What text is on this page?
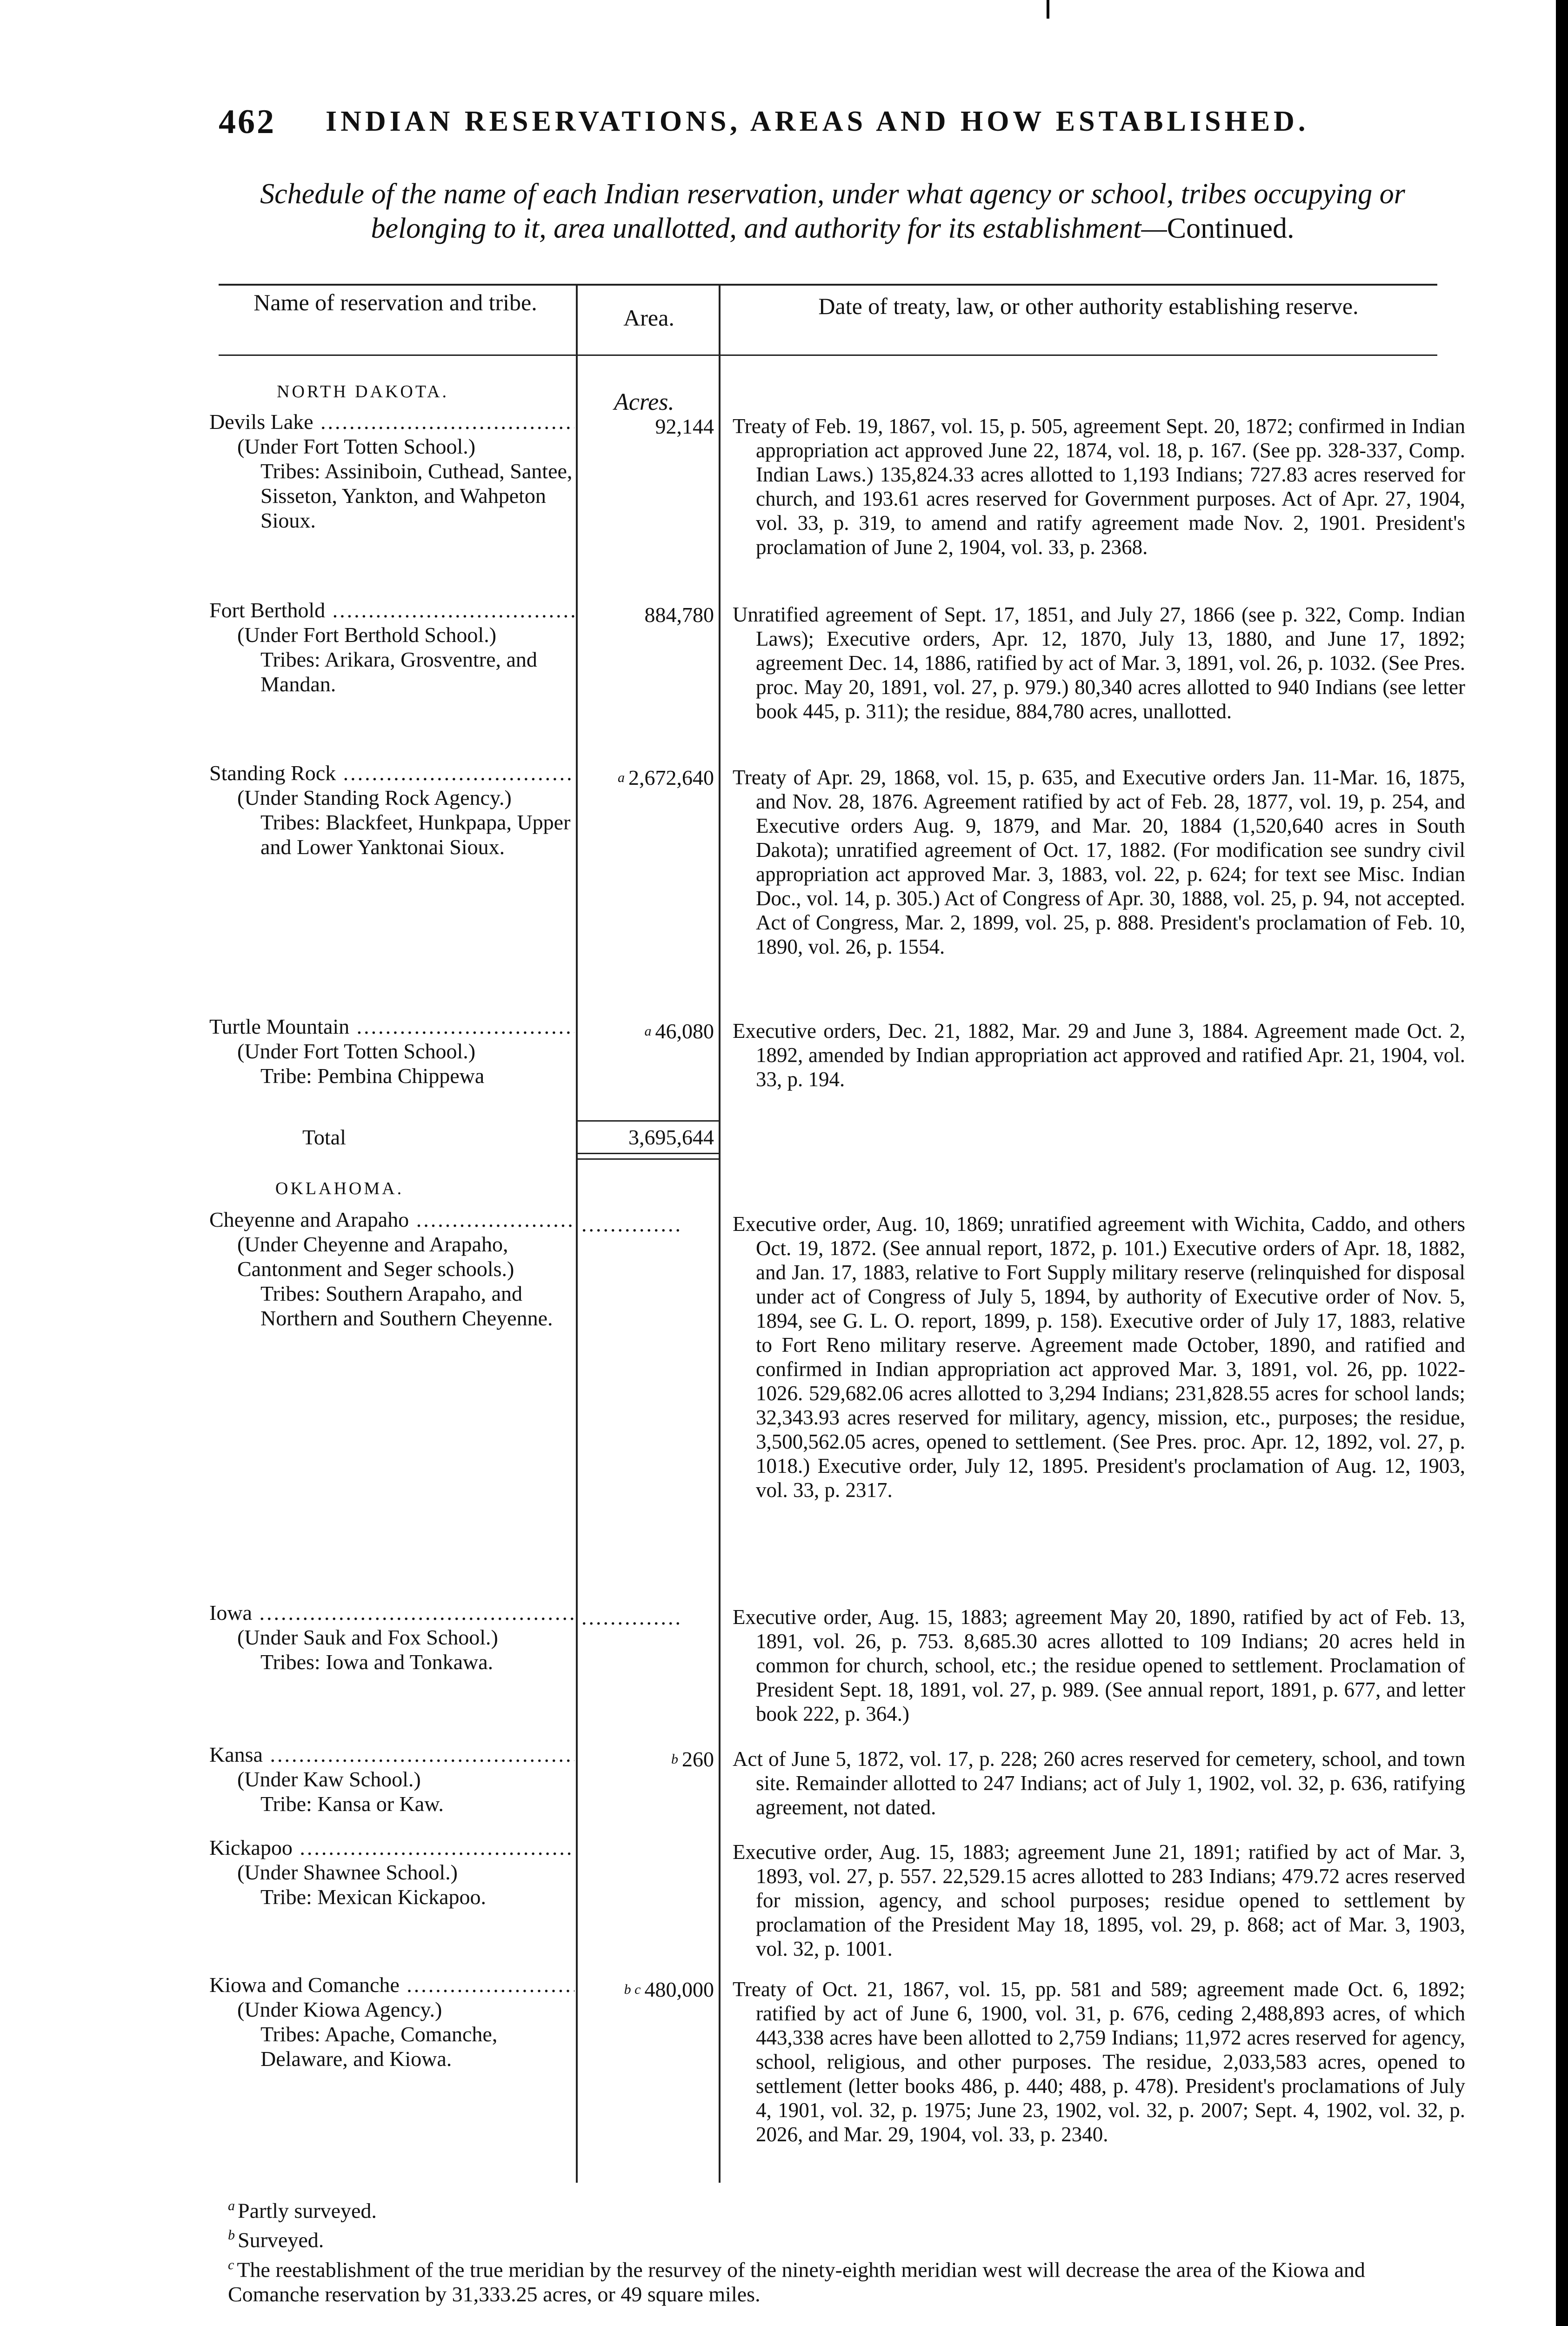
462 INDIAN RESERVATIONS, AREAS AND HOW ESTABLISHED.
Schedule of the name of each Indian reservation, under what agency or school, tribes occupying or belonging to it, area unallotted, and authority for its establishment—Continued.
Name of reservation and tribe.
Area.	Date of treaty, law, or other authority establishing reserve.
NORTH DAKOTA.	Acres.
Devils Lake .....
(Under Fort Totten School.)
Tribes: Assiniboin, Cuthead, Santee, Sisseton, Yankton, and Wahpeton Sioux.
92,144 Treaty of Feb. 19, 1867, vol. 15, p. 505, agreement Sept. 20, 1872; confirmed in Indian appropriation act approved June 22, 1874, vol. 18, p. 167. (See pp. 328-337, Comp. Indian Laws.) 135,824.33 acres allotted to 1,193 Indians; 727.83 acres reserved for church, and 193.61 acres reserved for Government purposes. Act of Apr. 27, 1904, vol. 33, p. 319, to amend and ratify agreement made Nov. 2, 1901. President's proclamation of June 2, 1904, vol. 33, p. 2368.
Fort Berthold .....
(Under Fort Berthold School.)
Tribes: Arikara, Grosventre, and Mandan.
884,780 Unratified agreement of Sept. 17, 1851, and July 27, 1866 (see p. 322, Comp. Indian Laws); Executive orders, Apr. 12, 1870, July 13, 1880, and June 17, 1892; agreement Dec. 14, 1886, ratified by act of Mar. 3, 1891, vol. 26, p. 1032. (See Pres. proc. May 20, 1891, vol. 27, p. 979.) 80,340 acres allotted to 940 Indians (see letter book 445, p. 311); the residue, 884,780 acres, unallotted.
Standing Rock .....
(Under Standing Rock Agency.)
Tribes: Blackfeet, Hunkpapa, Upper and Lower Yanktonai Sioux.
$^a$ 2,672,640 Treaty of Apr. 29, 1868, vol. 15, p. 635, and Executive orders Jan. 11-Mar. 16, 1875, and Nov. 28, 1876. Agreement ratified by act of Feb. 28, 1877, vol. 19, p. 254, and Executive orders Aug. 9, 1879, and Mar. 20, 1884 (1,520,640 acres in South Dakota); unratified agreement of Oct. 17, 1882. (For modification see sundry civil appropriation act approved Mar. 3, 1883, vol. 22, p. 624; for text see Misc. Indian Doc., vol. 14, p. 305.) Act of Congress of Apr. 30, 1888, vol. 25, p. 94, not accepted. Act of Congress, Mar. 2, 1899, vol. 25, p. 888. President's proclamation of Feb. 10, 1890, vol. 26, p. 1554.
Turtle Mountain .....
(Under Fort Totten School.)
Tribe: Pembina Chippewa
$^a$ 46,080 Executive orders, Dec. 21, 1882, Mar. 29 and June 3, 1884. Agreement made Oct. 2, 1892, amended by Indian appropriation act approved and ratified Apr. 21, 1904, vol. 33, p. 194.
Total	3,695,644
OKLAHOMA.
Cheyenne and Arapaho .....
(Under Cheyenne and Arapaho, Cantonment and Seger schools.)
Tribes: Southern Arapaho, and Northern and Southern Cheyenne.
..............	Executive order, Aug. 10, 1869; unratified agreement with Wichita, Caddo, and others Oct. 19, 1872. (See annual report, 1872, p. 101.) Executive orders of Apr. 18, 1882, and Jan. 17, 1883, relative to Fort Supply military reserve (relinquished for disposal under act of Congress of July 5, 1894, by authority of Executive order of Nov. 5, 1894, see G. L. O. report, 1899, p. 158). Executive order of July 17, 1883, relative to Fort Reno military reserve. Agreement made October, 1890, and ratified and confirmed in Indian appropriation act approved Mar. 3, 1891, vol. 26, pp. 1022-1026. 529,682.06 acres allotted to 3,294 Indians; 231,828.55 acres for school lands; 32,343.93 acres reserved for military, agency, mission, etc., purposes; the residue, 3,500,562.05 acres, opened to settlement. (See Pres. proc. Apr. 12, 1892, vol. 27, p. 1018.) Executive order, July 12, 1895. President's proclamation of Aug. 12, 1903, vol. 33, p. 2317.
Iowa .....
(Under Sauk and Fox School.)
Tribes: Iowa and Tonkawa.
..............	Executive order, Aug. 15, 1883; agreement May 20, 1890, ratified by act of Feb. 13, 1891, vol. 26, p. 753. 8,685.30 acres allotted to 109 Indians; 20 acres held in common for church, school, etc.; the residue opened to settlement. Proclamation of President Sept. 18, 1891, vol. 27, p. 989. (See annual report, 1891, p. 677, and letter book 222, p. 364.)
Kansa .....
(Under Kaw School.)
Tribe: Kansa or Kaw.
$^b$ 260 Act of June 5, 1872, vol. 17, p. 228; 260 acres reserved for cemetery, school, and town site. Remainder allotted to 247 Indians; act of July 1, 1902, vol. 32, p. 636, ratifying agreement, not dated.
Kickapoo .....
(Under Shawnee School.)
Tribe: Mexican Kickapoo.
Executive order, Aug. 15, 1883; agreement June 21, 1891; ratified by act of Mar. 3, 1893, vol. 27, p. 557. 22,529.15 acres allotted to 283 Indians; 479.72 acres reserved for mission, agency, and school purposes; residue opened to settlement by proclamation of the President May 18, 1895, vol. 29, p. 868; act of Mar. 3, 1903, vol. 32, p. 1001.
Kiowa and Comanche .....
(Under Kiowa Agency.)
Tribes: Apache, Comanche, Delaware, and Kiowa.
$^{b c}$ 480,000 Treaty of Oct. 21, 1867, vol. 15, pp. 581 and 589; agreement made Oct. 6, 1892; ratified by act of June 6, 1900, vol. 31, p. 676, ceding 2,488,893 acres, of which 443,338 acres have been allotted to 2,759 Indians; 11,972 acres reserved for agency, school, religious, and other purposes. The residue, 2,033,583 acres, opened to settlement (letter books 486, p. 440; 488, p. 478). President's proclamations of July 4, 1901, vol. 32, p. 1975; June 23, 1902, vol. 32, p. 2007; Sept. 4, 1902, vol. 32, p. 2026, and Mar. 29, 1904, vol. 33, p. 2340.
$^a$ Partly surveyed.
$^b$ Surveyed.
$^c$ The reestablishment of the true meridian by the resurvey of the ninety-eighth meridian west will decrease the area of the Kiowa and Comanche reservation by 31,333.25 acres, or 49 square miles.
